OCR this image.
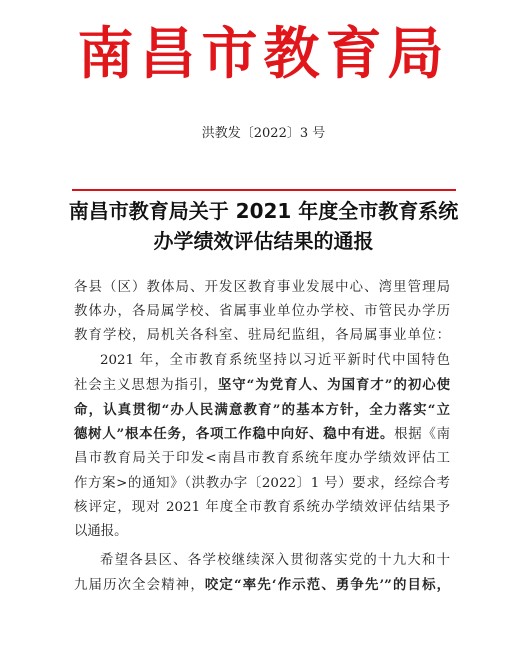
南昌市教育局
洪教发〔2022〕3 号
南昌市教育局关于 2021 年度全市教育系统
办学绩效评估结果的通报
各县（区）教体局、开发区教育事业发展中心、湾里管理局
教体办，各局属学校、省属事业单位办学校、市管民办学历
教育学校，局机关各科室、驻局纪监组，各局属事业单位：
2021 年，全市教育系统坚持以习近平新时代中国特色
社会主义思想为指引，坚守“为党育人、为国育才”的初心使
命，认真贯彻“办人民满意教育”的基本方针，全力落实“立
德树人”根本任务，各项工作稳中向好、稳中有进。根据《南
昌市教育局关于印发<南昌市教育系统年度办学绩效评估工
作方案>的通知》（洪教办字〔2022〕1 号）要求，经综合考
核评定，现对 2021 年度全市教育系统办学绩效评估结果予
以通报。
希望各县区、各学校继续深入贯彻落实党的十九大和十
九届历次全会精神，咬定“率先‘作示范、勇争先’”的目标，
